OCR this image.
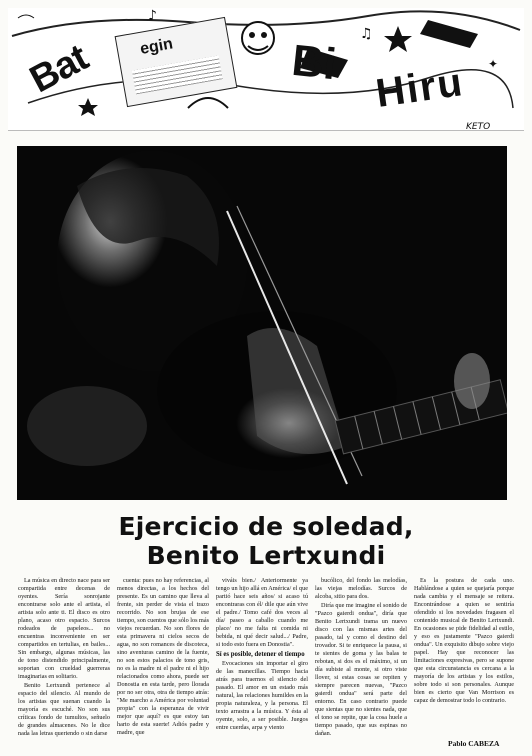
♪
♫
✦
Bat	egin	Bi Hiru
KETO
Ejercicio de soledad,
Benito Lertxundi

La música en directo nace para ser compartida entre decenas de oyentes. Sería sonrojante encontrarse solo ante el artista, el artista solo ante ti. El disco es otro plano, acaso otro espacio. Surcos rodeados de papeleos... no encuentras inconveniente en ser compartidos en tertulias, en bailes... Sin embargo, algunas músicas, las de tono distendido principalmente, soportan con crueldad guerreras imaginarias en solitario.

Benito Lertxundi pertenece al espacio del silencio. Al mundo de los artistas que suenan cuando la mayoría es escuché. No son sus críticas fondo de tumultos, señuelo de grandes almacenes. No le dice nada las letras queriendo o sin darse

cuenta: pues no hay referencias, al menos directas, a los hechos del presente. Es un camino que lleva al frente, sin perder de vista el trazo recorrido. No son brujas de ese tiempo, son cuentos que sólo los más viejos recuerdan. No son flores de esta primavera ni cielos secos de agua, no son romances de discoteca, sino aventuras camino de la fuente, no son estos palacios de tono gris, no es la madre ni el padre ni el hijo relacionados como ahora, puede ser Donostia en esta tarde, pero llorada por no ser otra, otra de tiempo atrás: "Me marcho a América por voluntad propia" con la esperanza de vivir mejor que aquí? es que estoy tan harto de esta suerte! Adiós padre y madre, que

viváis bien./ Anteriormente ya tengo un hijo allá en América/ el que partió hace seis años/ si acaso tú encontraras con él/ dile que aún vive el padre./ Tomo café dos veces al día/ paseo a caballo cuando me place/ no me falta ni comida ni bebida, ni qué decir salud.../ Padre, si todo esto fuera en Donostia".

Sí es posible, detener el tiempo

Evocaciones sin importar el giro de las manecillas. Tiempo hacia atrás para traernos el silencio del pasado. El amor en un estado más natural, las relaciones humildes en la propia naturaleza, y la persona. El texto arrastra a la música. Y ésta al oyente, solo, a ser posible. Juegos entre cuerdas, arpa y viento

bucólico, del fondo las melodías, las viejas melodías. Surcos de alcoba, sitio para dos.

Diría que me imagine el sonido de "Pazco gaierdi ondua", diría que Benito Lertxundi trama un nuevo disco con las mismas artes del pasado, tal y como el destino del trovador. Si te enriquece la pausa, si te sientes de goma y las balas te rebotan, si dos es el máximo, si un día subiste al monte, si otro viste llover, si estas cosas se repiten y siempre parecen nuevas, "Pazco gaierdi ondua" será parte del entorno. En caso contrario puede que sientas que no sientes nada, que el tono se repite, que la cosa huele a tiempo pasado, que sus espinas no dañan.

Es la postura de cada uno. Hablándose a quien se quejaría porque nada cambia y el mensaje se reitera. Encontrándose a quien se sentiría ofendido si los novedades fragasen el contenido musical de Benito Lertxundi. En ocasiones se pide fidelidad al estilo, y eso es justamente "Pazco gaierdi ondua". Un exquisito dibujo sobre viejo papel. Hay que reconocer las limitaciones expresivas, pero se supone que esta circunstancia es cercana a la mayoría de los artistas y los estilos, sobre todo si son personales. Aunque bien es cierto que Van Morrison es capaz de demostrar todo lo contrario.

Pablo CABEZA
